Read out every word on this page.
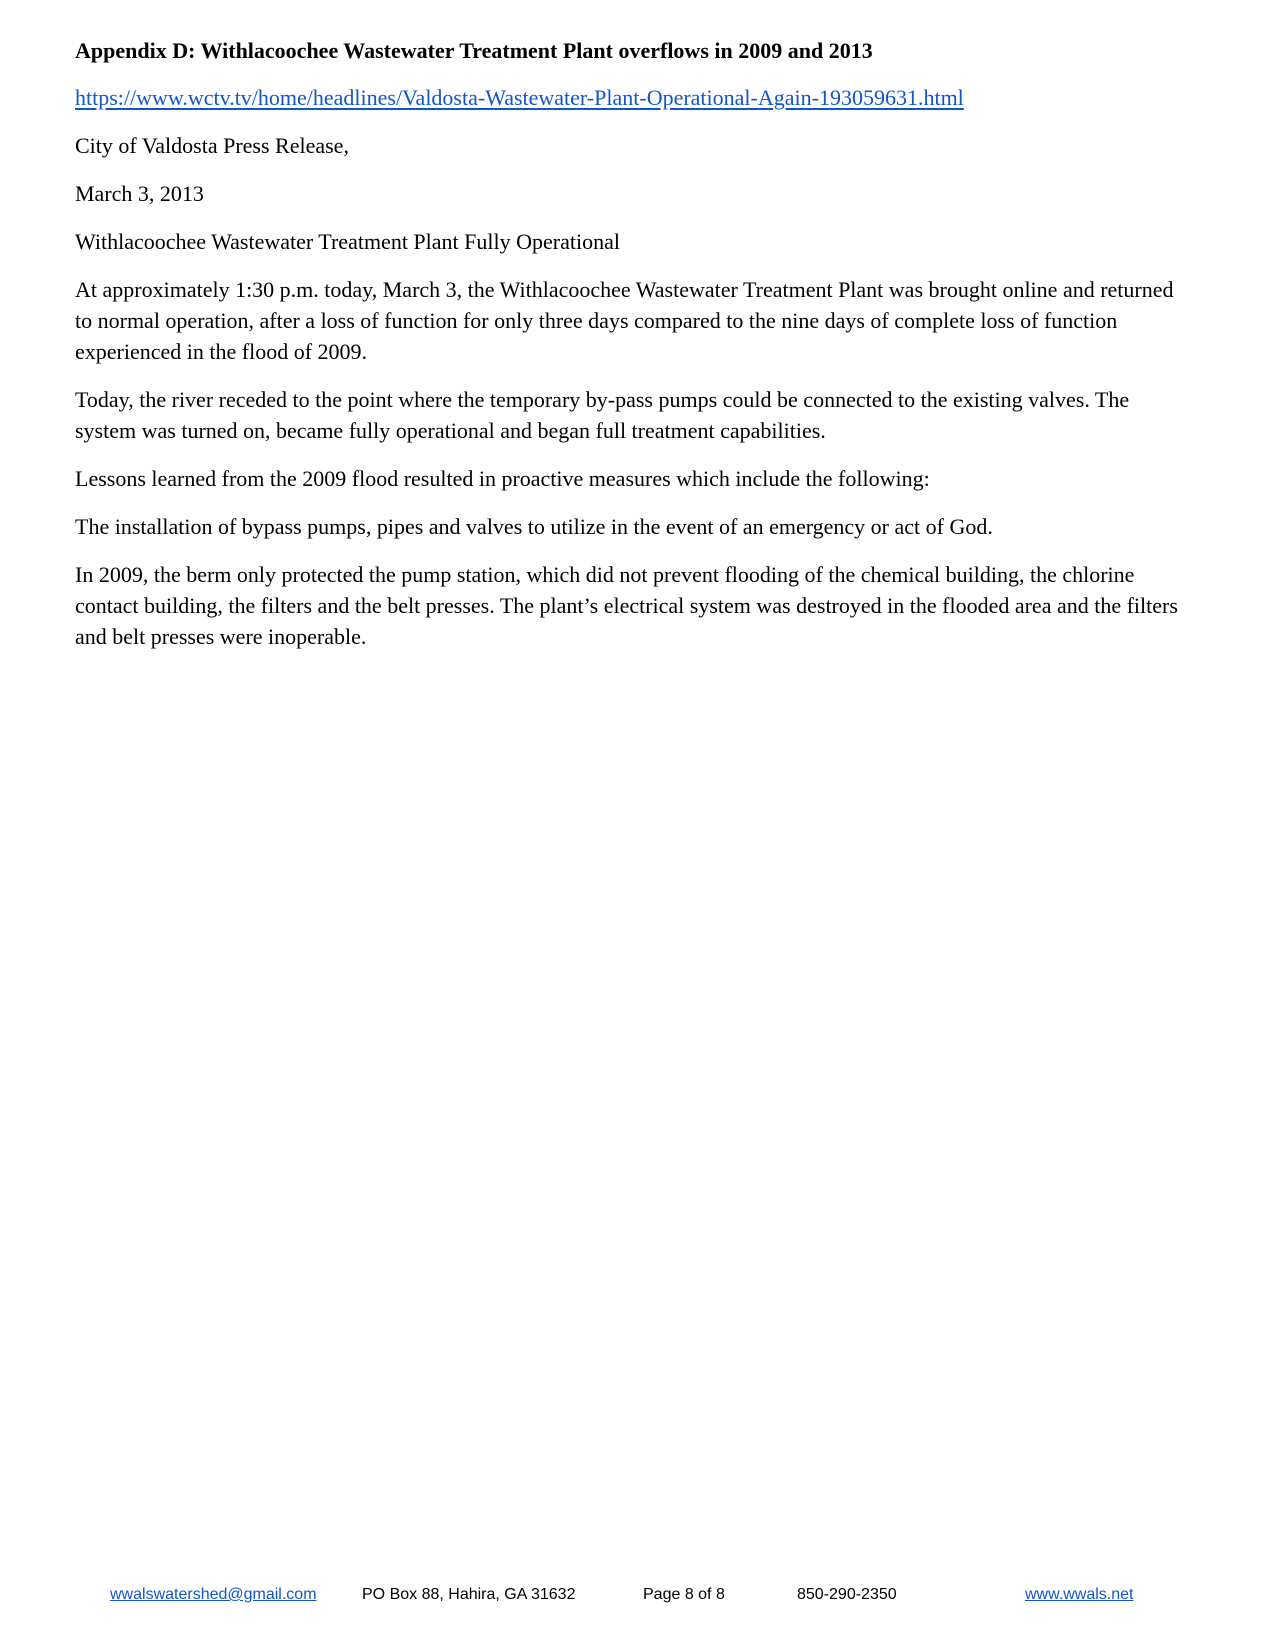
Appendix D: Withlacoochee Wastewater Treatment Plant overflows in 2009 and 2013
https://www.wctv.tv/home/headlines/Valdosta-Wastewater-Plant-Operational-Again-193059631.html
City of Valdosta Press Release,
March 3, 2013
Withlacoochee Wastewater Treatment Plant Fully Operational
At approximately 1:30 p.m. today, March 3, the Withlacoochee Wastewater Treatment Plant was brought online and returned to normal operation, after a loss of function for only three days compared to the nine days of complete loss of function experienced in the flood of 2009.
Today, the river receded to the point where the temporary by-pass pumps could be connected to the existing valves. The system was turned on, became fully operational and began full treatment capabilities.
Lessons learned from the 2009 flood resulted in proactive measures which include the following:
The installation of bypass pumps, pipes and valves to utilize in the event of an emergency or act of God.
In 2009, the berm only protected the pump station, which did not prevent flooding of the chemical building, the chlorine contact building, the filters and the belt presses. The plant’s electrical system was destroyed in the flooded area and the filters and belt presses were inoperable.
wwalswatershed@gmail.com	PO Box 88, Hahira, GA 31632	Page 8 of 8	850-290-2350	www.wwals.net
